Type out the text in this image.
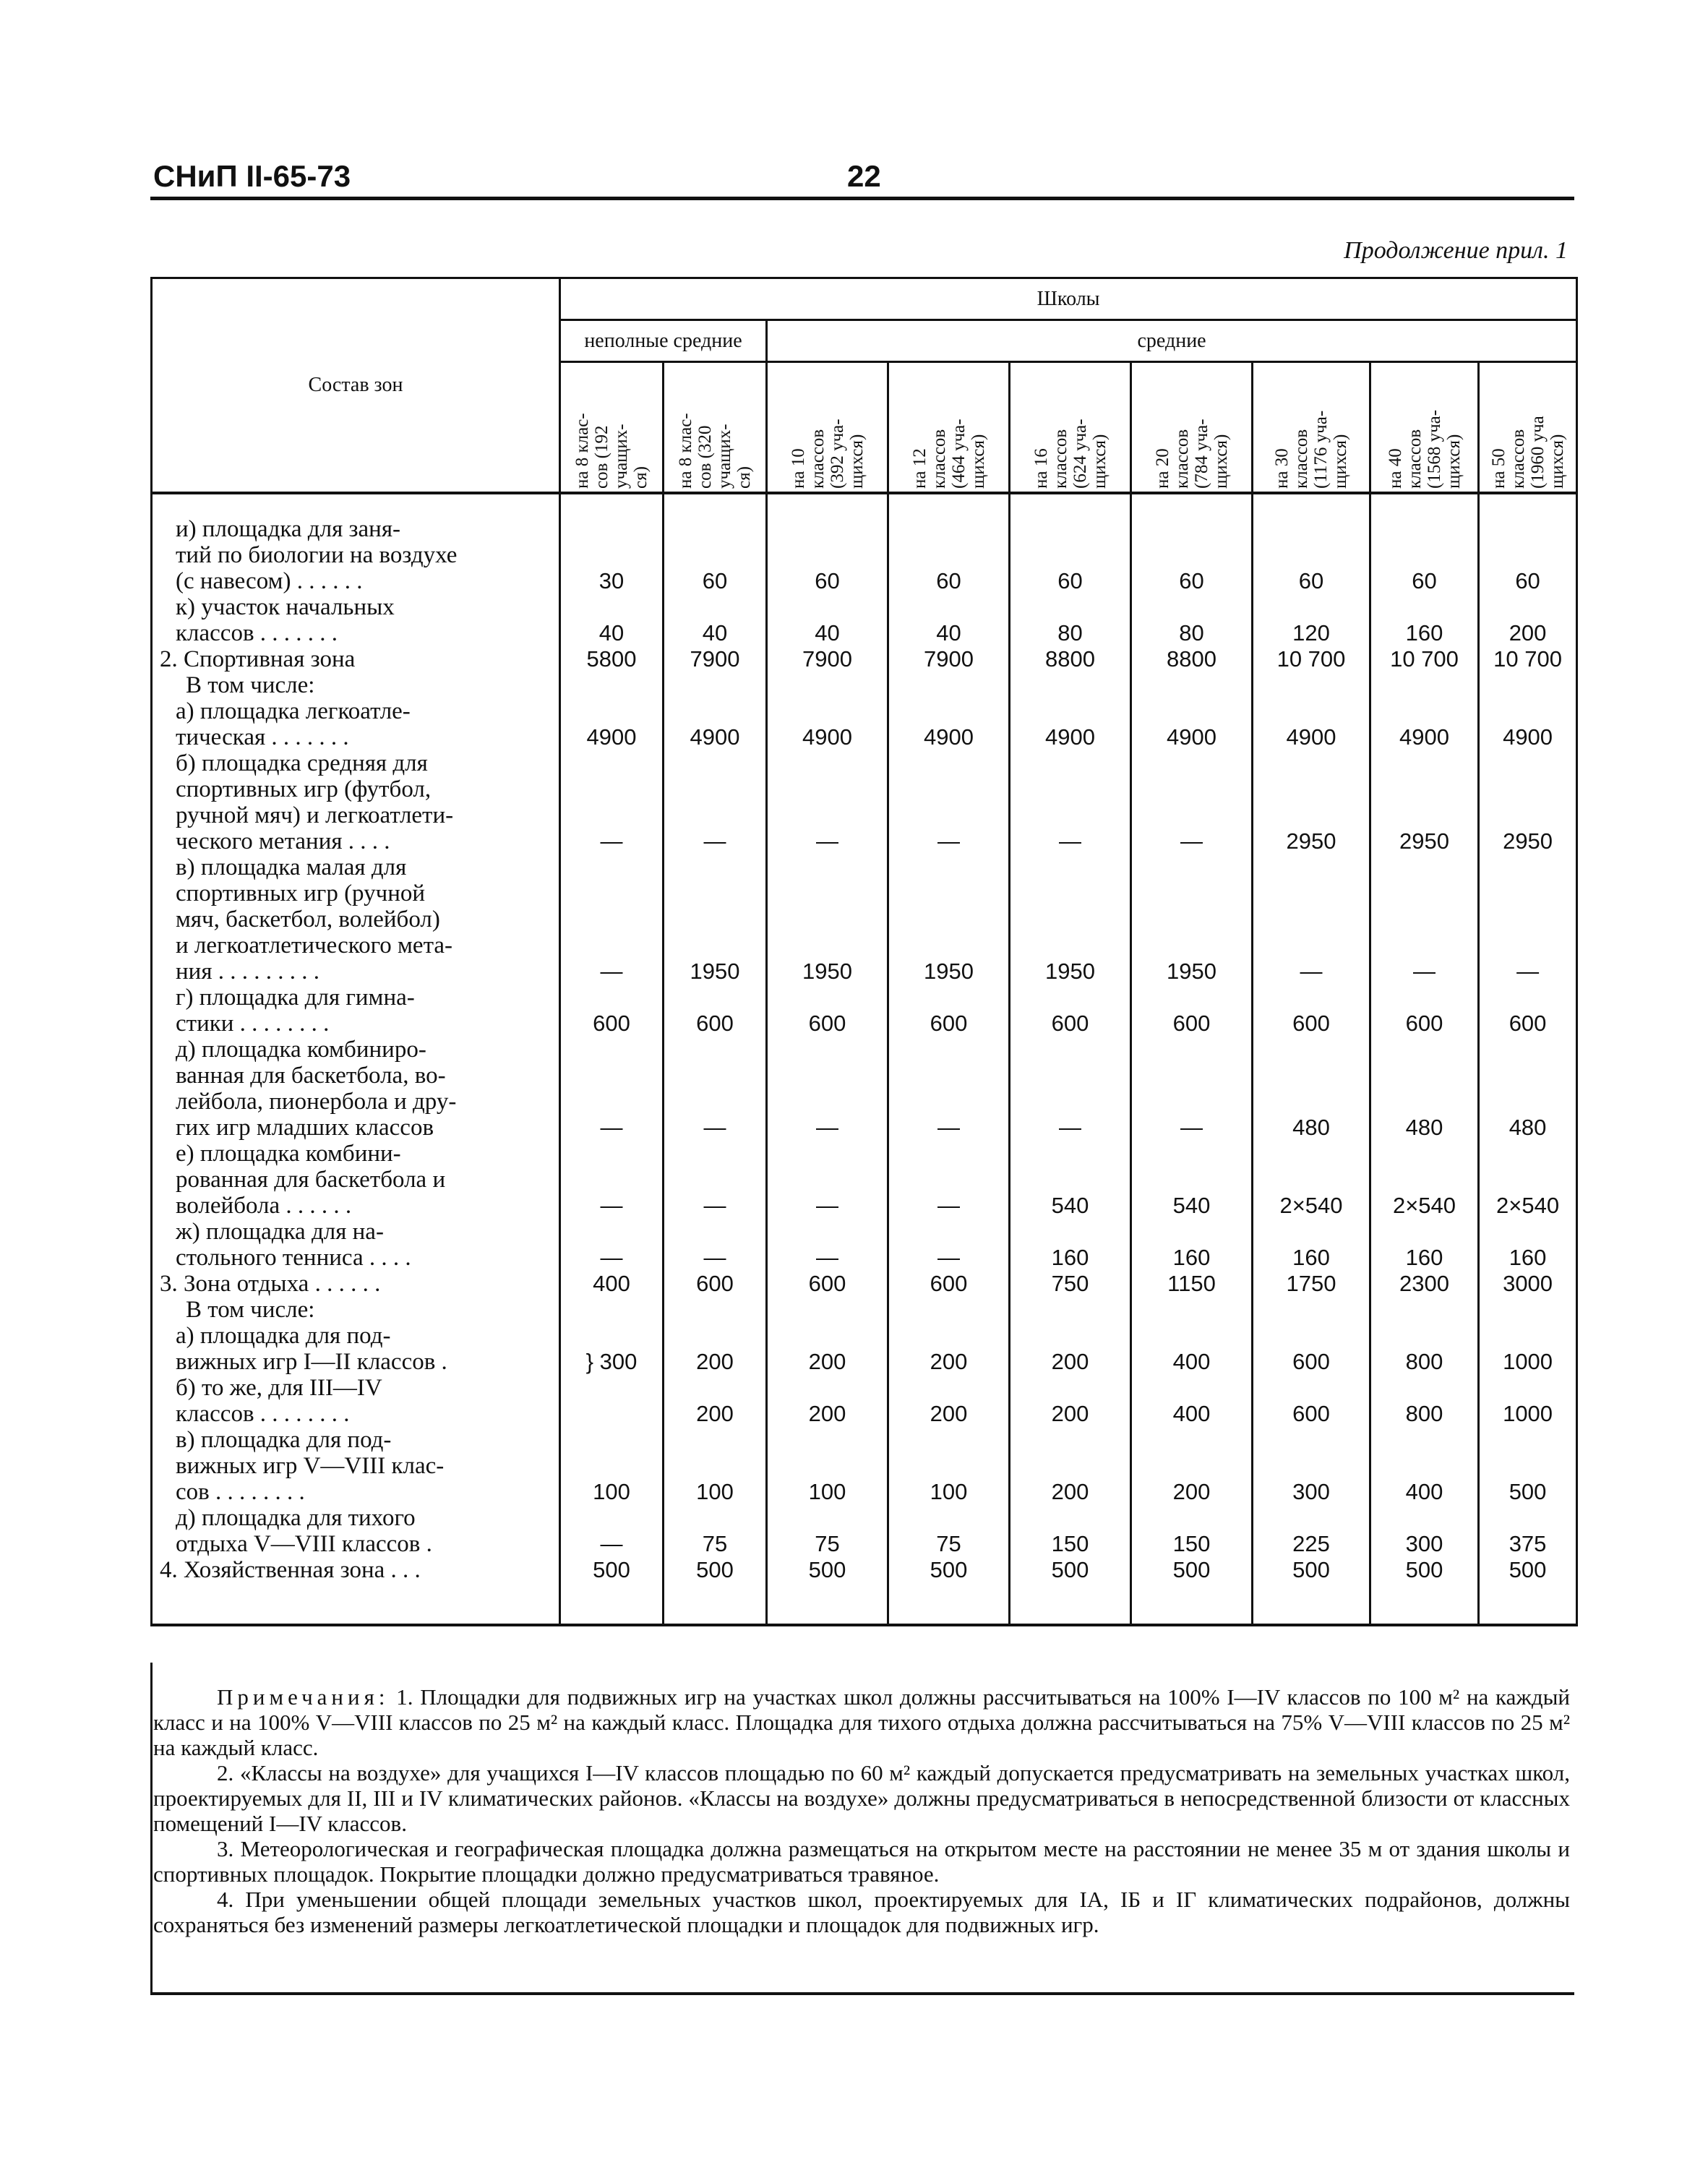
СНиП II-65-73	22
Продолжение прил. 1
Состав зон	Школы								
	неполные средние		средние						

	на 8 клас-
сов (192
учащих-
ся)	на 8 клас-
сов (320
учащих-
ся)	на 10
классов
(392 уча-
щихся)	на 12
классов
(464 уча-
щихся)	на 16
классов
(624 уча-
щихся)	на 20
классов
(784 уча-
щихся)	на 30
классов
(1176 уча-
щихся)	на 40
классов
(1568 уча-
щихся)	на 50
классов
(1960 уча
щихся)

и) площадка для заня-
тий по биологии на воздухе
(с навесом) . . . . . .	30	60	60	60	60	60	60	60	60
к) участок начальных
классов . . . . . . .	40	40	40	40	80	80	120	160	200
2. Спортивная зона	5800	7900	7900	7900	8800	8800	10 700	10 700	10 700
В том числе:									
а) площадка легкоатле-
тическая . . . . . . .	4900	4900	4900	4900	4900	4900	4900	4900	4900
б) площадка средняя для
спортивных игр (футбол,
ручной мяч) и легкоатлети-
ческого метания . . . .	—	—	—	—	—	—	2950	2950	2950
в) площадка малая для
спортивных игр (ручной
мяч, баскетбол, волейбол)
и легкоатлетического мета-
ния . . . . . . . . .	—	1950	1950	1950	1950	1950	—	—	—
г) площадка для гимна-
стики . . . . . . . .	600	600	600	600	600	600	600	600	600
д) площадка комбиниро-
ванная для баскетбола, во-
лейбола, пионербола и дру-
гих игр младших классов	—	—	—	—	—	—	480	480	480
е) площадка комбини-
рованная для баскетбола и
волейбола . . . . . .	—	—	—	—	540	540	2×540	2×540	2×540
ж) площадка для на-
стольного тенниса . . . .	—	—	—	—	160	160	160	160	160
3. Зона отдыха . . . . . .	400	600	600	600	750	1150	1750	2300	3000
В том числе:									
а) площадка для под-
вижных игр I—II классов .	} 300	200	200	200	200	400	600	800	1000
б) то же, для III—IV
классов . . . . . . . .		200	200	200	200	400	600	800	1000
в) площадка для под-
вижных игр V—VIII клас-
сов . . . . . . . .	100	100	100	100	200	200	300	400	500
д) площадка для тихого
отдыха V—VIII классов .	—	75	75	75	150	150	225	300	375
4. Хозяйственная зона . . .	500	500	500	500	500	500	500	500	500

Примечания: 1. Площадки для подвижных игр на участках школ должны рассчитываться на 100% I—IV классов по 100 м² на каждый класс и на 100% V—VIII классов по 25 м² на каждый класс. Площадка для тихого отдыха должна рассчитываться на 75% V—VIII классов по 25 м² на каждый класс.

2. «Классы на воздухе» для учащихся I—IV классов площадью по 60 м² каждый допускается предусматривать на земельных участках школ, проектируемых для II, III и IV климатических районов. «Классы на воздухе» должны предусматриваться в непосредственной близости от классных помещений I—IV классов.

3. Метеорологическая и географическая площадка должна размещаться на открытом месте на расстоянии не менее 35 м от здания школы и спортивных площадок. Покрытие площадки должно предусматриваться травяное.

4. При уменьшении общей площади земельных участков школ, проектируемых для IА, IБ и IГ климатических подрайонов, должны сохраняться без изменений размеры легкоатлетической площадки и площадок для подвижных игр.
